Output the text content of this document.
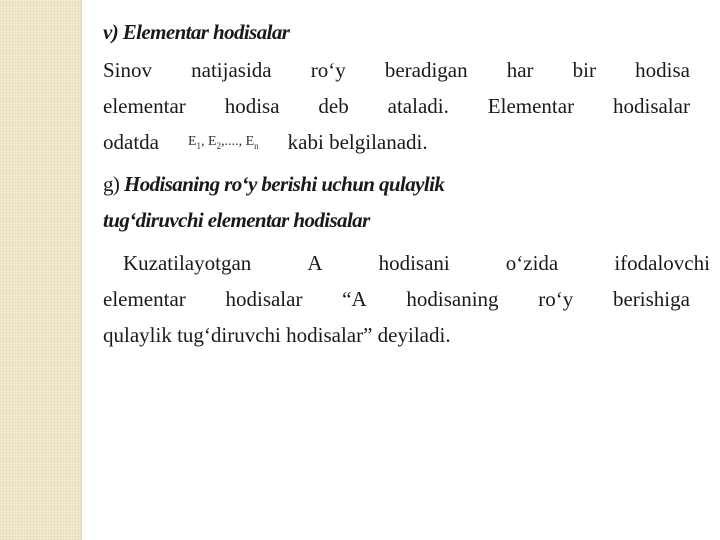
v) Elementar hodisalar
Sinov natijasida ro‘y beradigan har bir hodisa
elementar hodisa deb ataladi. Elementar hodisalar
odatda $E_1$, $E_2$,...., $E_n$ kabi belgilanadi.
g) Hodisaning ro‘y berishi uchun qulaylik
tug‘diruvchi elementar hodisalar
Kuzatilayotgan	A	hodisani	o‘zida	ifodalovchi
elementar hodisalar “A hodisaning ro‘y berishiga
qulaylik tug‘diruvchi hodisalar” deyiladi.
